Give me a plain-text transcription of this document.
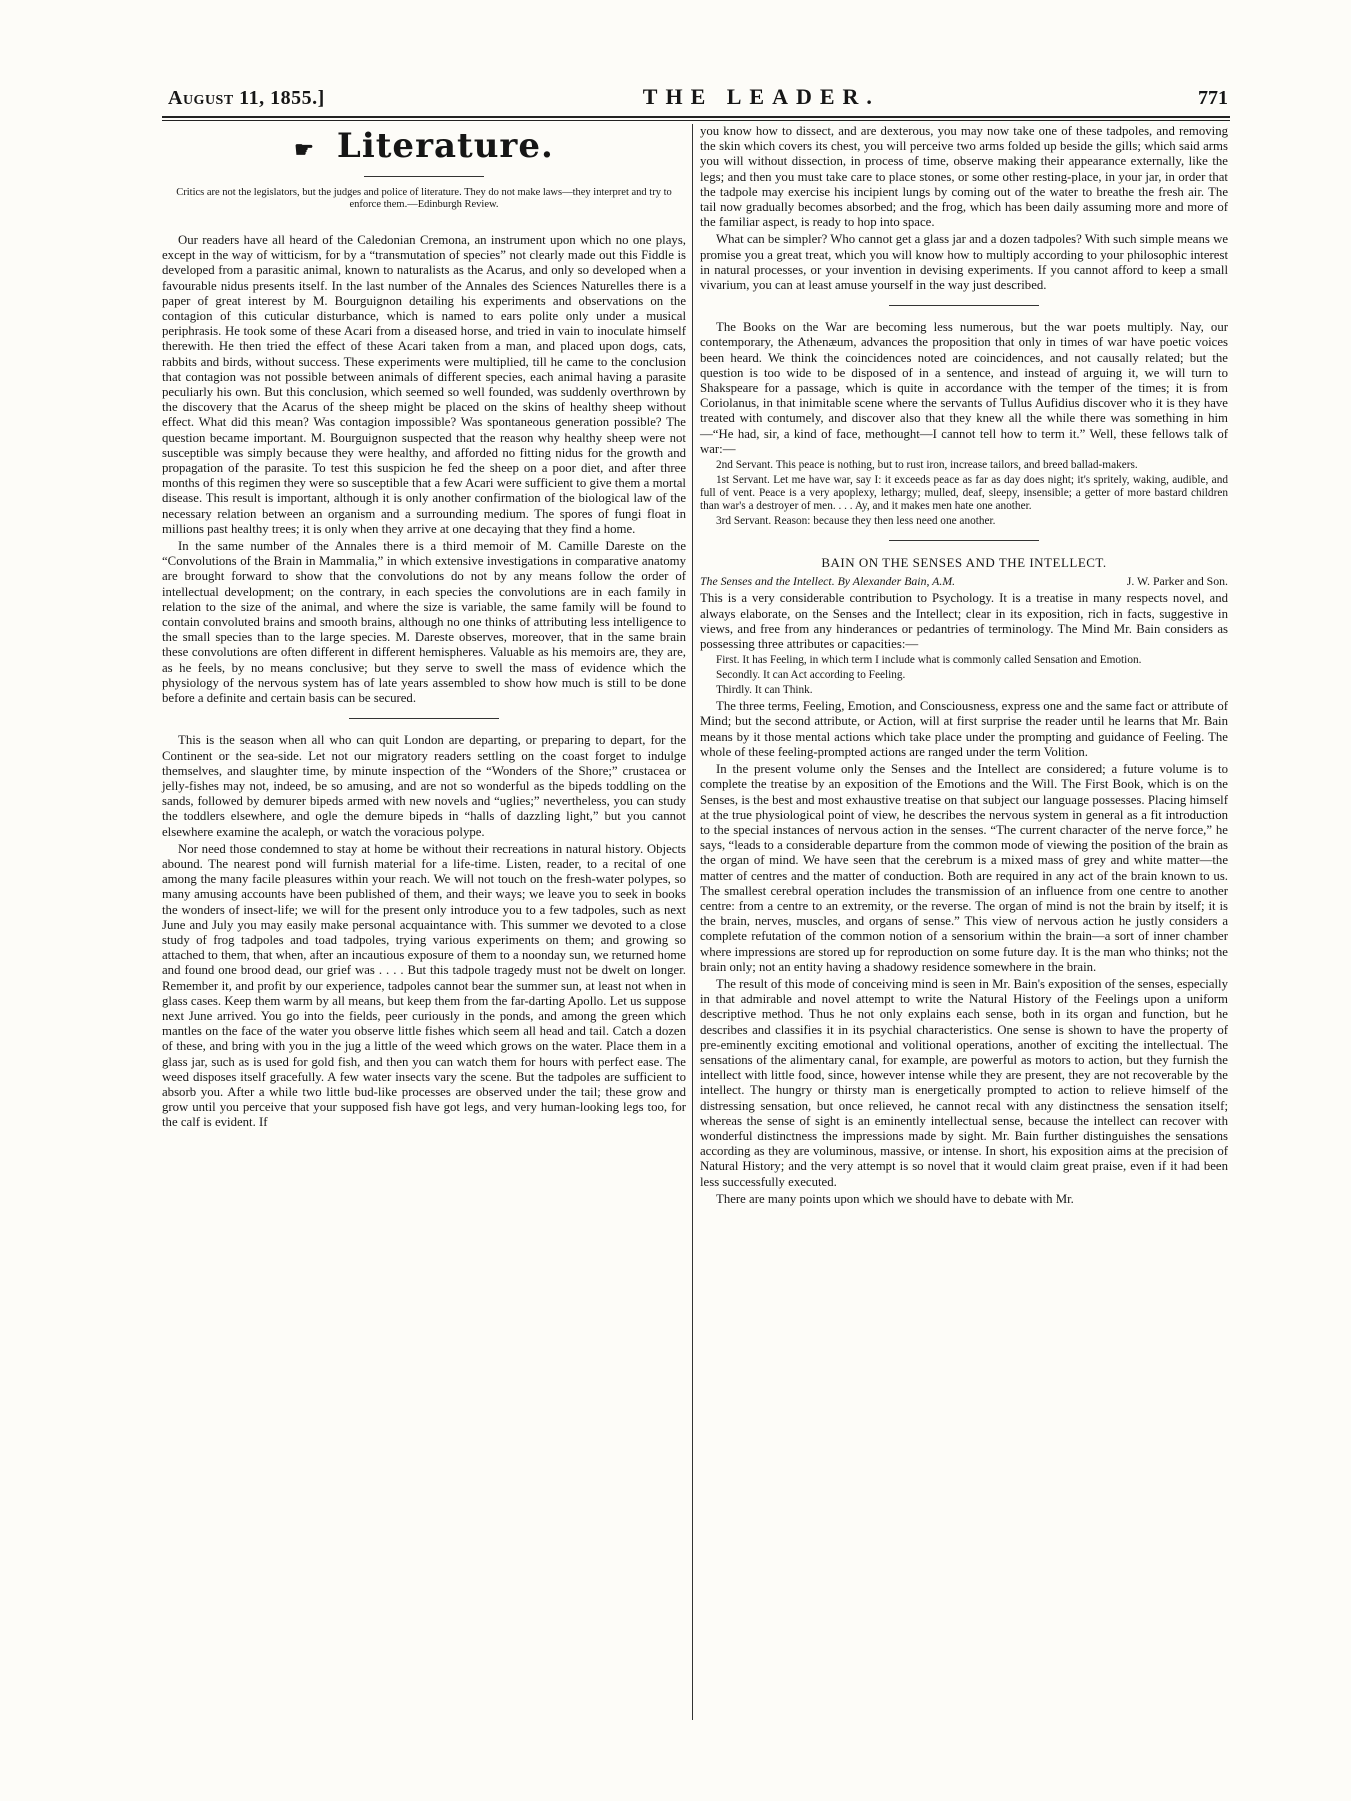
August 11, 1855.]	THE LEADER.	771
☛ Literature.
Critics are not the legislators, but the judges and police of literature. They do not make laws—they interpret and try to enforce them.—Edinburgh Review.

Our readers have all heard of the Caledonian Cremona, an instrument upon which no one plays, except in the way of witticism, for by a “transmutation of species” not clearly made out this Fiddle is developed from a parasitic animal, known to naturalists as the Acarus, and only so developed when a favourable nidus presents itself. In the last number of the Annales des Sciences Naturelles there is a paper of great interest by M. Bourguignon detailing his experiments and observations on the contagion of this cuticular disturbance, which is named to ears polite only under a musical periphrasis. He took some of these Acari from a diseased horse, and tried in vain to inoculate himself therewith. He then tried the effect of these Acari taken from a man, and placed upon dogs, cats, rabbits and birds, without success. These experiments were multiplied, till he came to the conclusion that contagion was not possible between animals of different species, each animal having a parasite peculiarly his own. But this conclusion, which seemed so well founded, was suddenly overthrown by the discovery that the Acarus of the sheep might be placed on the skins of healthy sheep without effect. What did this mean? Was contagion impossible? Was spontaneous generation possible? The question became important. M. Bourguignon suspected that the reason why healthy sheep were not susceptible was simply because they were healthy, and afforded no fitting nidus for the growth and propagation of the parasite. To test this suspicion he fed the sheep on a poor diet, and after three months of this regimen they were so susceptible that a few Acari were sufficient to give them a mortal disease. This result is important, although it is only another confirmation of the biological law of the necessary relation between an organism and a surrounding medium. The spores of fungi float in millions past healthy trees; it is only when they arrive at one decaying that they find a home.

In the same number of the Annales there is a third memoir of M. Camille Dareste on the “Convolutions of the Brain in Mammalia,” in which extensive investigations in comparative anatomy are brought forward to show that the convolutions do not by any means follow the order of intellectual development; on the contrary, in each species the convolutions are in each family in relation to the size of the animal, and where the size is variable, the same family will be found to contain convoluted brains and smooth brains, although no one thinks of attributing less intelligence to the small species than to the large species. M. Dareste observes, moreover, that in the same brain these convolutions are often different in different hemispheres. Valuable as his memoirs are, they are, as he feels, by no means conclusive; but they serve to swell the mass of evidence which the physiology of the nervous system has of late years assembled to show how much is still to be done before a definite and certain basis can be secured.

This is the season when all who can quit London are departing, or preparing to depart, for the Continent or the sea-side. Let not our migratory readers settling on the coast forget to indulge themselves, and slaughter time, by minute inspection of the “Wonders of the Shore;” crustacea or jelly-fishes may not, indeed, be so amusing, and are not so wonderful as the bipeds toddling on the sands, followed by demurer bipeds armed with new novels and “uglies;” nevertheless, you can study the toddlers elsewhere, and ogle the demure bipeds in “halls of dazzling light,” but you cannot elsewhere examine the acaleph, or watch the voracious polype.

Nor need those condemned to stay at home be without their recreations in natural history. Objects abound. The nearest pond will furnish material for a life-time. Listen, reader, to a recital of one among the many facile pleasures within your reach. We will not touch on the fresh-water polypes, so many amusing accounts have been published of them, and their ways; we leave you to seek in books the wonders of insect-life; we will for the present only introduce you to a few tadpoles, such as next June and July you may easily make personal acquaintance with. This summer we devoted to a close study of frog tadpoles and toad tadpoles, trying various experiments on them; and growing so attached to them, that when, after an incautious exposure of them to a noonday sun, we returned home and found one brood dead, our grief was . . . . But this tadpole tragedy must not be dwelt on longer. Remember it, and profit by our experience, tadpoles cannot bear the summer sun, at least not when in glass cases. Keep them warm by all means, but keep them from the far-darting Apollo. Let us suppose next June arrived. You go into the fields, peer curiously in the ponds, and among the green which mantles on the face of the water you observe little fishes which seem all head and tail. Catch a dozen of these, and bring with you in the jug a little of the weed which grows on the water. Place them in a glass jar, such as is used for gold fish, and then you can watch them for hours with perfect ease. The weed disposes itself gracefully. A few water insects vary the scene. But the tadpoles are sufficient to absorb you. After a while two little bud-like processes are observed under the tail; these grow and grow until you perceive that your supposed fish have got legs, and very human-looking legs too, for the calf is evident. If

you know how to dissect, and are dexterous, you may now take one of these tadpoles, and removing the skin which covers its chest, you will perceive two arms folded up beside the gills; which said arms you will without dissection, in process of time, observe making their appearance externally, like the legs; and then you must take care to place stones, or some other resting-place, in your jar, in order that the tadpole may exercise his incipient lungs by coming out of the water to breathe the fresh air. The tail now gradually becomes absorbed; and the frog, which has been daily assuming more and more of the familiar aspect, is ready to hop into space.

What can be simpler? Who cannot get a glass jar and a dozen tadpoles? With such simple means we promise you a great treat, which you will know how to multiply according to your philosophic interest in natural processes, or your invention in devising experiments. If you cannot afford to keep a small vivarium, you can at least amuse yourself in the way just described.

The Books on the War are becoming less numerous, but the war poets multiply. Nay, our contemporary, the Athenæum, advances the proposition that only in times of war have poetic voices been heard. We think the coincidences noted are coincidences, and not causally related; but the question is too wide to be disposed of in a sentence, and instead of arguing it, we will turn to Shakspeare for a passage, which is quite in accordance with the temper of the times; it is from Coriolanus, in that inimitable scene where the servants of Tullus Aufidius discover who it is they have treated with contumely, and discover also that they knew all the while there was something in him—“He had, sir, a kind of face, methought—I cannot tell how to term it.” Well, these fellows talk of war:—

2nd Servant. This peace is nothing, but to rust iron, increase tailors, and breed ballad-makers.

1st Servant. Let me have war, say I: it exceeds peace as far as day does night; it's spritely, waking, audible, and full of vent. Peace is a very apoplexy, lethargy; mulled, deaf, sleepy, insensible; a getter of more bastard children than war's a destroyer of men. . . . Ay, and it makes men hate one another.

3rd Servant. Reason: because they then less need one another.

BAIN ON THE SENSES AND THE INTELLECT.
The Senses and the Intellect. By Alexander Bain, A.M.	J. W. Parker and Son.

This is a very considerable contribution to Psychology. It is a treatise in many respects novel, and always elaborate, on the Senses and the Intellect; clear in its exposition, rich in facts, suggestive in views, and free from any hinderances or pedantries of terminology. The Mind Mr. Bain considers as possessing three attributes or capacities:—

First. It has Feeling, in which term I include what is commonly called Sensation and Emotion.

Secondly. It can Act according to Feeling.

Thirdly. It can Think.

The three terms, Feeling, Emotion, and Consciousness, express one and the same fact or attribute of Mind; but the second attribute, or Action, will at first surprise the reader until he learns that Mr. Bain means by it those mental actions which take place under the prompting and guidance of Feeling. The whole of these feeling-prompted actions are ranged under the term Volition.

In the present volume only the Senses and the Intellect are considered; a future volume is to complete the treatise by an exposition of the Emotions and the Will. The First Book, which is on the Senses, is the best and most exhaustive treatise on that subject our language possesses. Placing himself at the true physiological point of view, he describes the nervous system in general as a fit introduction to the special instances of nervous action in the senses. “The current character of the nerve force,” he says, “leads to a considerable departure from the common mode of viewing the position of the brain as the organ of mind. We have seen that the cerebrum is a mixed mass of grey and white matter—the matter of centres and the matter of conduction. Both are required in any act of the brain known to us. The smallest cerebral operation includes the transmission of an influence from one centre to another centre: from a centre to an extremity, or the reverse. The organ of mind is not the brain by itself; it is the brain, nerves, muscles, and organs of sense.” This view of nervous action he justly considers a complete refutation of the common notion of a sensorium within the brain—a sort of inner chamber where impressions are stored up for reproduction on some future day. It is the man who thinks; not the brain only; not an entity having a shadowy residence somewhere in the brain.

The result of this mode of conceiving mind is seen in Mr. Bain's exposition of the senses, especially in that admirable and novel attempt to write the Natural History of the Feelings upon a uniform descriptive method. Thus he not only explains each sense, both in its organ and function, but he describes and classifies it in its psychial characteristics. One sense is shown to have the property of pre-eminently exciting emotional and volitional operations, another of exciting the intellectual. The sensations of the alimentary canal, for example, are powerful as motors to action, but they furnish the intellect with little food, since, however intense while they are present, they are not recoverable by the intellect. The hungry or thirsty man is energetically prompted to action to relieve himself of the distressing sensation, but once relieved, he cannot recal with any distinctness the sensation itself; whereas the sense of sight is an eminently intellectual sense, because the intellect can recover with wonderful distinctness the impressions made by sight. Mr. Bain further distinguishes the sensations according as they are voluminous, massive, or intense. In short, his exposition aims at the precision of Natural History; and the very attempt is so novel that it would claim great praise, even if it had been less successfully executed.

There are many points upon which we should have to debate with Mr.
